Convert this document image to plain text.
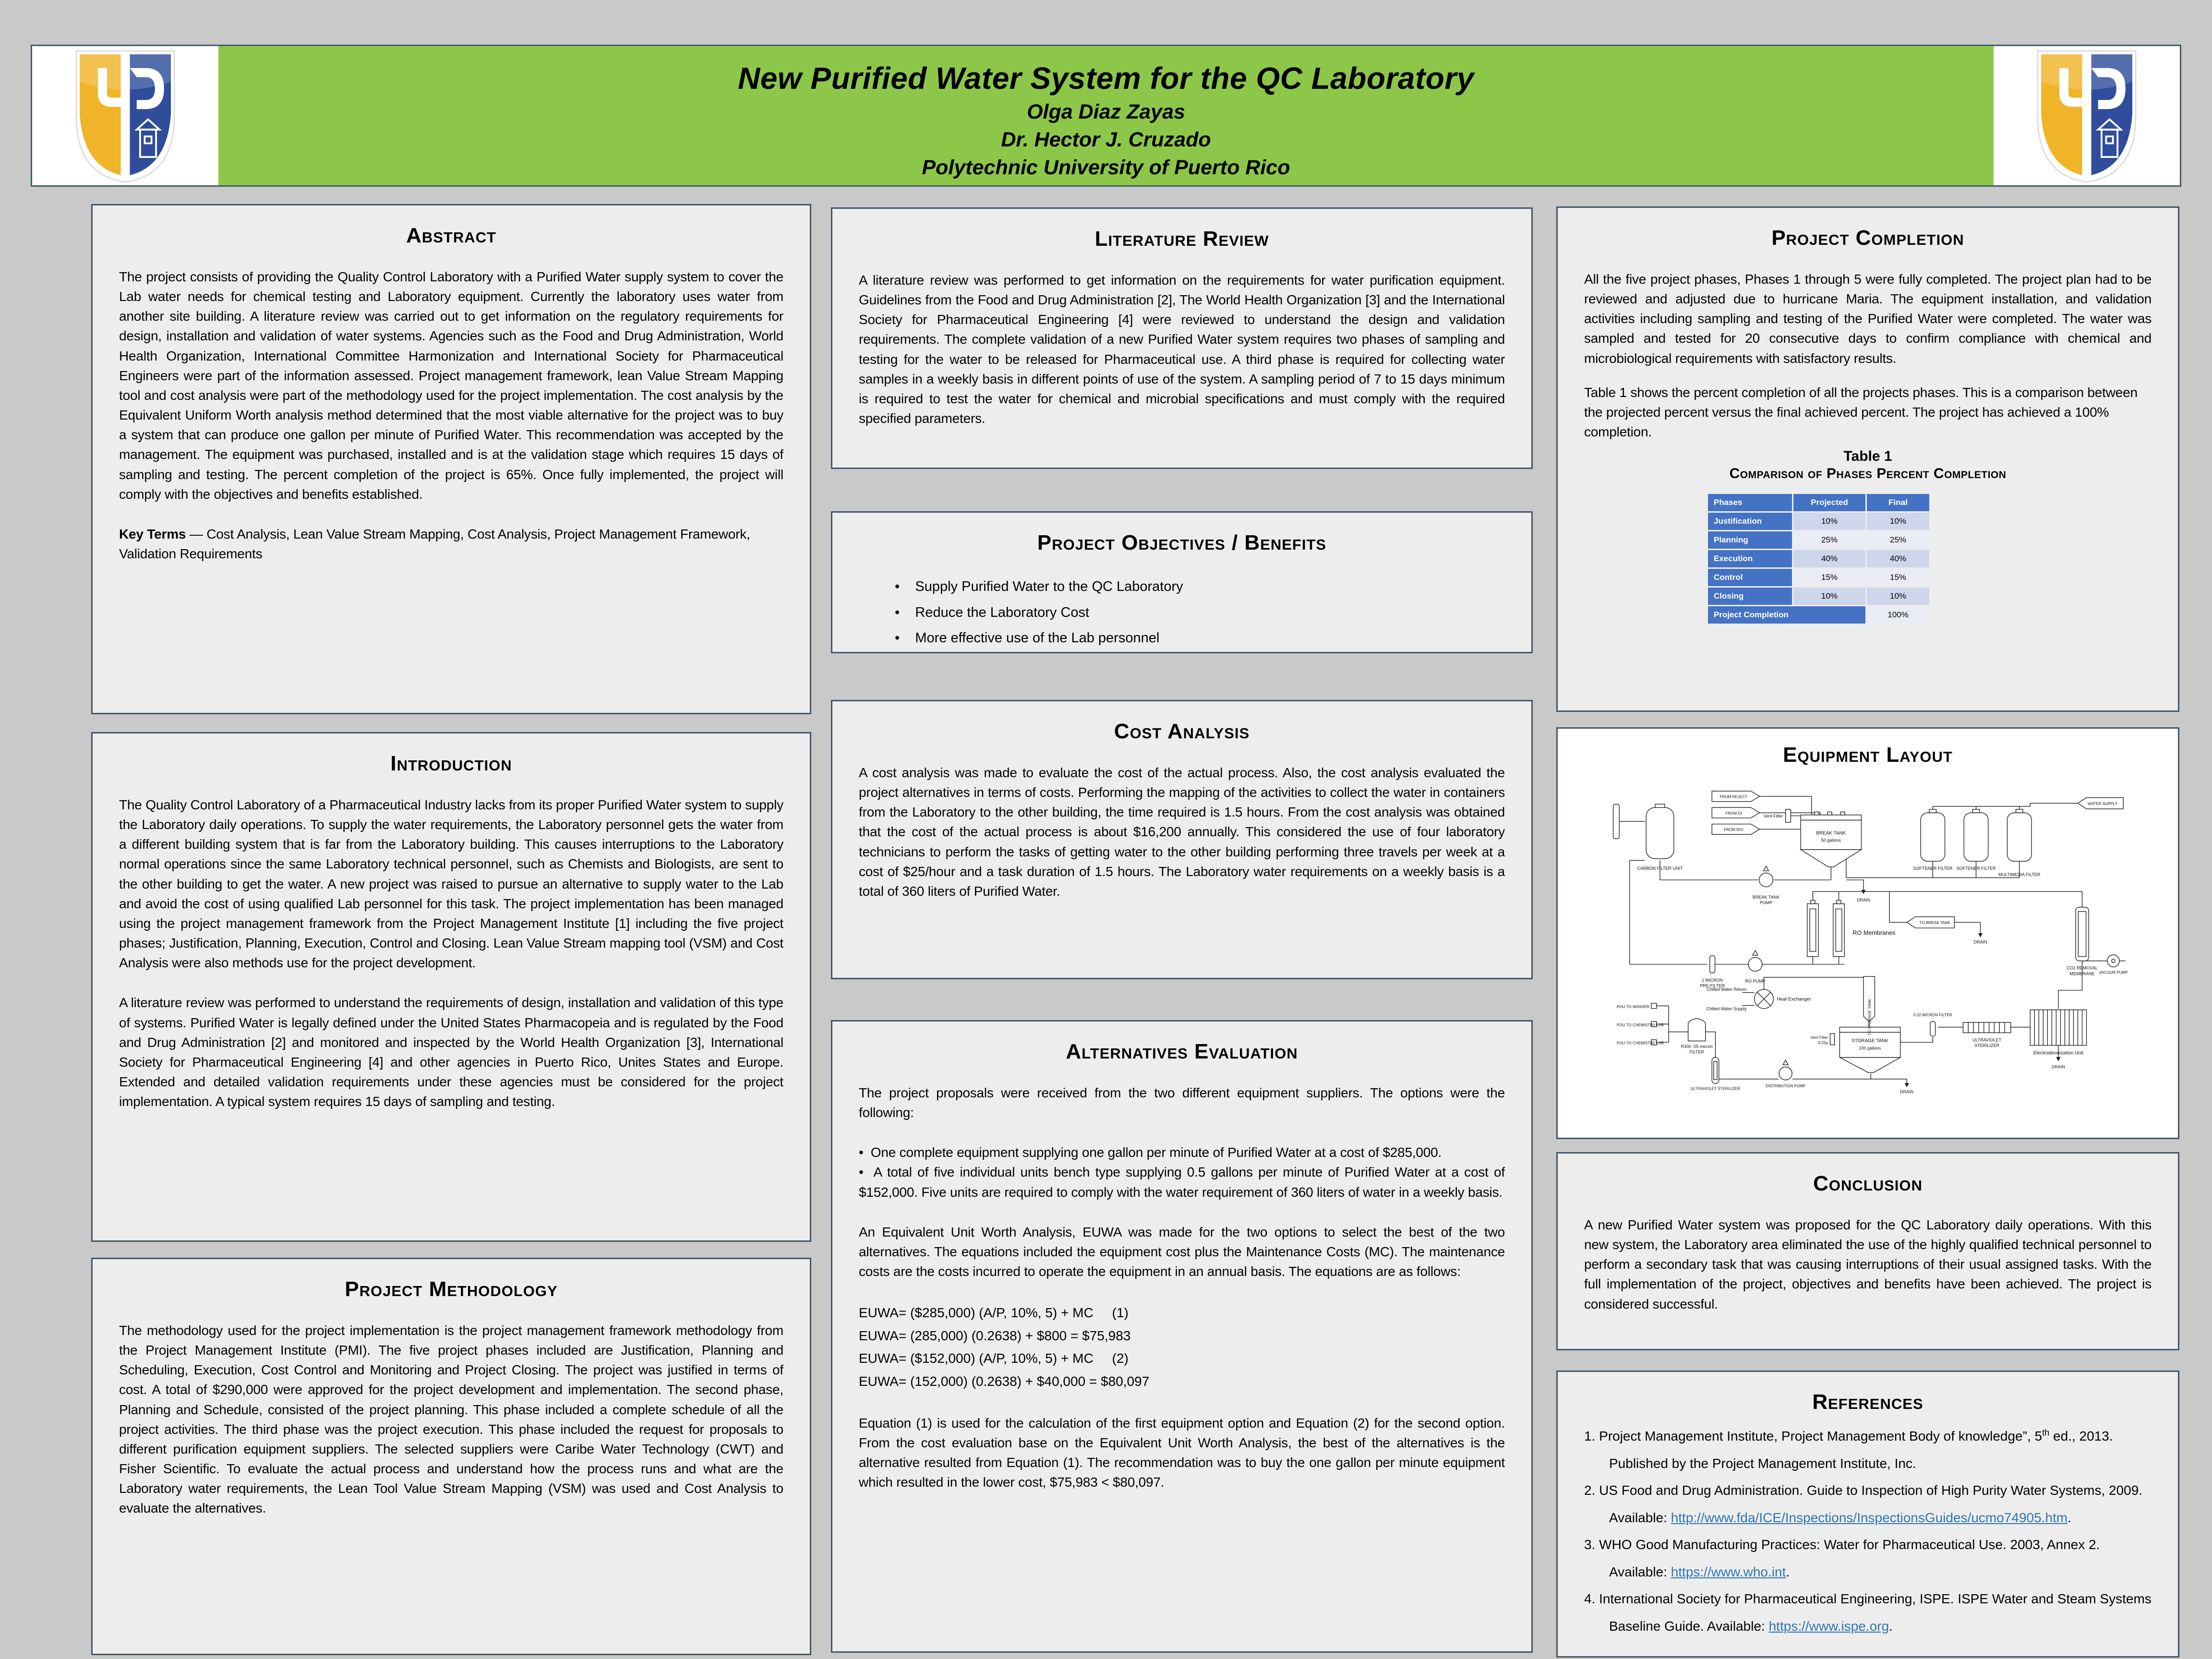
New Purified Water System for the QC Laboratory
Olga Diaz Zayas
Dr. Hector J. Cruzado
Polytechnic University of Puerto Rico
Abstract

The project consists of providing the Quality Control Laboratory with a Purified Water supply system to cover the Lab water needs for chemical testing and Laboratory equipment. Currently the laboratory uses water from another site building. A literature review was carried out to get information on the regulatory requirements for design, installation and validation of water systems. Agencies such as the Food and Drug Administration, World Health Organization, International Committee Harmonization and International Society for Pharmaceutical Engineers were part of the information assessed. Project management framework, lean Value Stream Mapping tool and cost analysis were part of the methodology used for the project implementation. The cost analysis by the Equivalent Uniform Worth analysis method determined that the most viable alternative for the project was to buy a system that can produce one gallon per minute of Purified Water. This recommendation was accepted by the management. The equipment was purchased, installed and is at the validation stage which requires 15 days of sampling and testing. The percent completion of the project is 65%. Once fully implemented, the project will comply with the objectives and benefits established.

Key Terms — Cost Analysis, Lean Value Stream Mapping, Cost Analysis, Project Management Framework, Validation Requirements

Introduction

The Quality Control Laboratory of a Pharmaceutical Industry lacks from its proper Purified Water system to supply the Laboratory daily operations. To supply the water requirements, the Laboratory personnel gets the water from a different building system that is far from the Laboratory building. This causes interruptions to the Laboratory normal operations since the same Laboratory technical personnel, such as Chemists and Biologists, are sent to the other building to get the water. A new project was raised to pursue an alternative to supply water to the Lab and avoid the cost of using qualified Lab personnel for this task. The project implementation has been managed using the project management framework from the Project Management Institute [1] including the five project phases; Justification, Planning, Execution, Control and Closing. Lean Value Stream mapping tool (VSM) and Cost Analysis were also methods use for the project development.

A literature review was performed to understand the requirements of design, installation and validation of this type of systems. Purified Water is legally defined under the United States Pharmacopeia and is regulated by the Food and Drug Administration [2] and monitored and inspected by the World Health Organization [3], International Society for Pharmaceutical Engineering [4] and other agencies in Puerto Rico, Unites States and Europe. Extended and detailed validation requirements under these agencies must be considered for the project implementation. A typical system requires 15 days of sampling and testing.

Project Methodology

The methodology used for the project implementation is the project management framework methodology from the Project Management Institute (PMI). The five project phases included are Justification, Planning and Scheduling, Execution, Cost Control and Monitoring and Project Closing. The project was justified in terms of cost. A total of $290,000 were approved for the project development and implementation. The second phase, Planning and Schedule, consisted of the project planning. This phase included a complete schedule of all the project activities. The third phase was the project execution. This phase included the request for proposals to different purification equipment suppliers. The selected suppliers were Caribe Water Technology (CWT) and Fisher Scientific. To evaluate the actual process and understand how the process runs and what are the Laboratory water requirements, the Lean Tool Value Stream Mapping (VSM) was used and Cost Analysis to evaluate the alternatives.

Literature Review

A literature review was performed to get information on the requirements for water purification equipment. Guidelines from the Food and Drug Administration [2], The World Health Organization [3] and the International Society for Pharmaceutical Engineering [4] were reviewed to understand the design and validation requirements. The complete validation of a new Purified Water system requires two phases of sampling and testing for the water to be released for Pharmaceutical use. A third phase is required for collecting water samples in a weekly basis in different points of use of the system. A sampling period of 7 to 15 days minimum is required to test the water for chemical and microbial specifications and must comply with the required specified parameters.

Project Objectives / Benefits
• Supply Purified Water to the QC Laboratory
• Reduce the Laboratory Cost
• More effective use of the Lab personnel
Cost Analysis

A cost analysis was made to evaluate the cost of the actual process. Also, the cost analysis evaluated the project alternatives in terms of costs. Performing the mapping of the activities to collect the water in containers from the Laboratory to the other building, the time required is 1.5 hours. From the cost analysis was obtained that the cost of the actual process is about $16,200 annually. This considered the use of four laboratory technicians to perform the tasks of getting water to the other building performing three travels per week at a cost of $25/hour and a task duration of 1.5 hours. The Laboratory water requirements on a weekly basis is a total of 360 liters of Purified Water.

Alternatives Evaluation

The project proposals were received from the two different equipment suppliers. The options were the following:

• One complete equipment supplying one gallon per minute of Purified Water at a cost of $285,000.
• A total of five individual units bench type supplying 0.5 gallons per minute of Purified Water at a cost of $152,000. Five units are required to comply with the water requirement of 360 liters of water in a weekly basis.

An Equivalent Unit Worth Analysis, EUWA was made for the two options to select the best of the two alternatives. The equations included the equipment cost plus the Maintenance Costs (MC). The maintenance costs are the costs incurred to operate the equipment in an annual basis. The equations are as follows:

EUWA= ($285,000) (A/P, 10%, 5) + MC     (1)
EUWA= (285,000) (0.2638) + $800 = $75,983
EUWA= ($152,000) (A/P, 10%, 5) + MC     (2)
EUWA= (152,000) (0.2638) + $40,000 = $80,097

Equation (1) is used for the calculation of the first equipment option and Equation (2) for the second option. From the cost evaluation base on the Equivalent Unit Worth Analysis, the best of the alternatives is the alternative resulted from Equation (1). The recommendation was to buy the one gallon per minute equipment which resulted in the lower cost, $75,983 < $80,097.

Project Completion

All the five project phases, Phases 1 through 5 were fully completed. The project plan had to be reviewed and adjusted due to hurricane Maria. The equipment installation, and validation activities including sampling and testing of the Purified Water were completed. The water was sampled and tested for 20 consecutive days to confirm compliance with chemical and microbiological requirements with satisfactory results.

Table 1 shows the percent completion of all the projects phases. This is a comparison between the projected percent versus the final achieved percent. The project has achieved a 100% completion.

Table 1
Comparison of Phases Percent Completion
Phases	Projected	Final
Justification	10%	10%
Planning	25%	25%
Execution	40%	40%
Control	15%	15%
Closing	10%	10%
Project Completion		100%
Equipment Layout
FROM REJECT
FROM DI
FROM R/O
Vent Filter
BREAK TANK
50 gallons
WATER SUPPLY
SOFTENER FILTER SOFTENER FILTER
MULTIMEDIA FILTER
CARBON FILTER UNIT
BREAK TANK
PUMP
DRAIN
1 MICRON
PRE-FILTER
RO PUMP
RO Membranes
TO BREAK TANK
DRAIN
CO2 REMOVAL
MEMBRANE VACUUM PUMP
Chilled Water Return
Chilled Water Supply
Heat Exchanger
POU TO WASHER
POU TO CHEMISTRY LAB
POU TO CHEMISTRY LAB
R300 .05 micron
FILTER
TO STORAGE TANK
STORAGE TANK
100 gallons
Vent Filter
0.22μ
0.22 MICRON FILTER
ULTRAVIOLET
STERILIZER
Electrodeionization Unit
DRAIN
ULTRAVIOLET STERILIZER
DISTRIBUTION PUMP
DRAIN
Conclusion

A new Purified Water system was proposed for the QC Laboratory daily operations. With this new system, the Laboratory area eliminated the use of the highly qualified technical personnel to perform a secondary task that was causing interruptions of their usual assigned tasks. With the full implementation of the project, objectives and benefits have been achieved. The project is considered successful.

References

1. Project Management Institute, Project Management Body of knowledge”, 5th ed., 2013. Published by the Project Management Institute, Inc.

2. US Food and Drug Administration. Guide to Inspection of High Purity Water Systems, 2009. Available: http://www.fda/ICE/Inspections/InspectionsGuides/ucmo74905.htm.

3. WHO Good Manufacturing Practices: Water for Pharmaceutical Use. 2003, Annex 2. Available: https://www.who.int.

4. International Society for Pharmaceutical Engineering, ISPE. ISPE Water and Steam Systems Baseline Guide. Available: https://www.ispe.org.
